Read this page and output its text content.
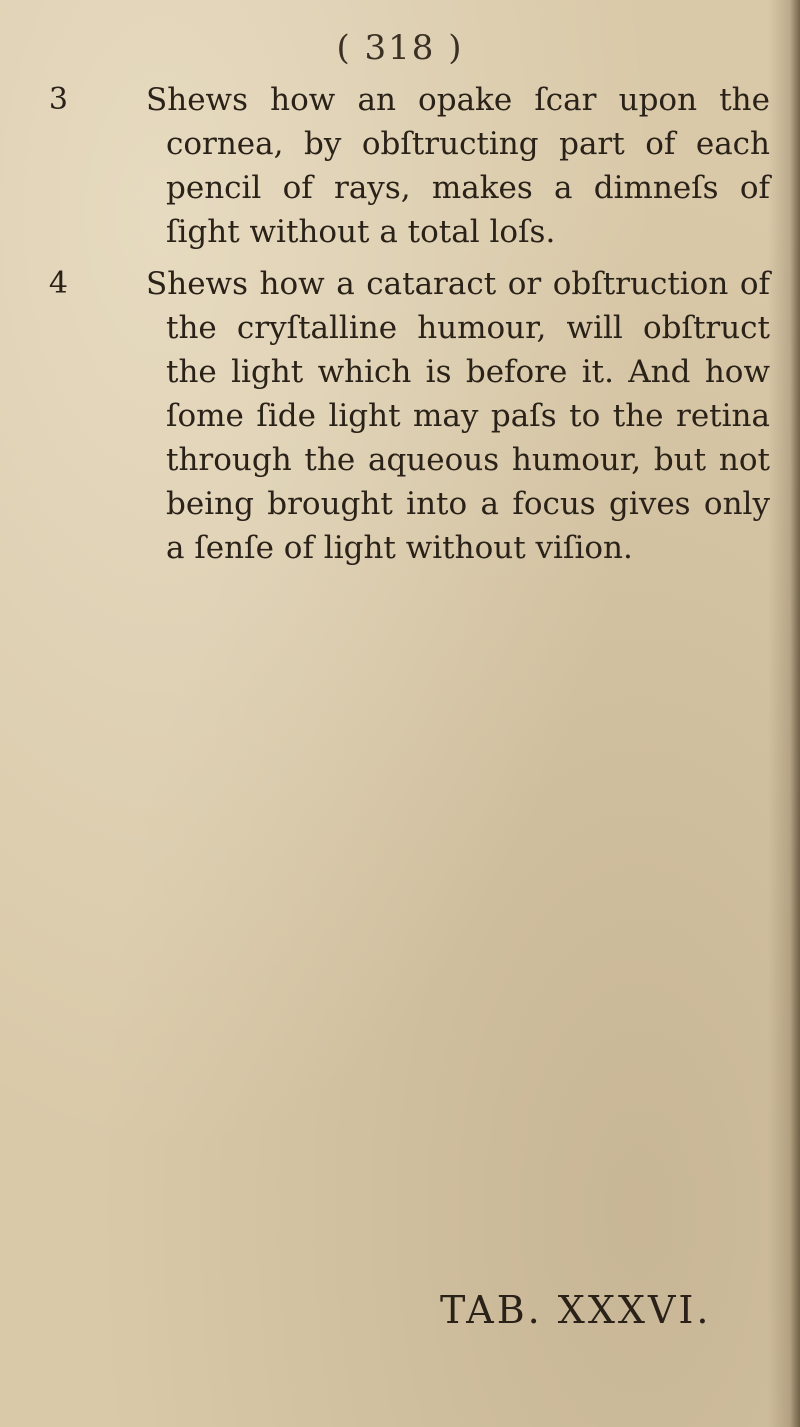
( 318 )
3	Shews how an opake ſcar upon the cornea, by obſtructing part of each pencil of rays, makes a dimneſs of ſight without a total loſs.

4	Shews how a cataract or obſtruction of the cryſtalline humour, will obſtruct the light which is before it. And how ſome ſide light may paſs to the retina through the aqueous humour, but not being brought into a focus gives only a ſenſe of light without viſion.

TAB. XXXVI.
